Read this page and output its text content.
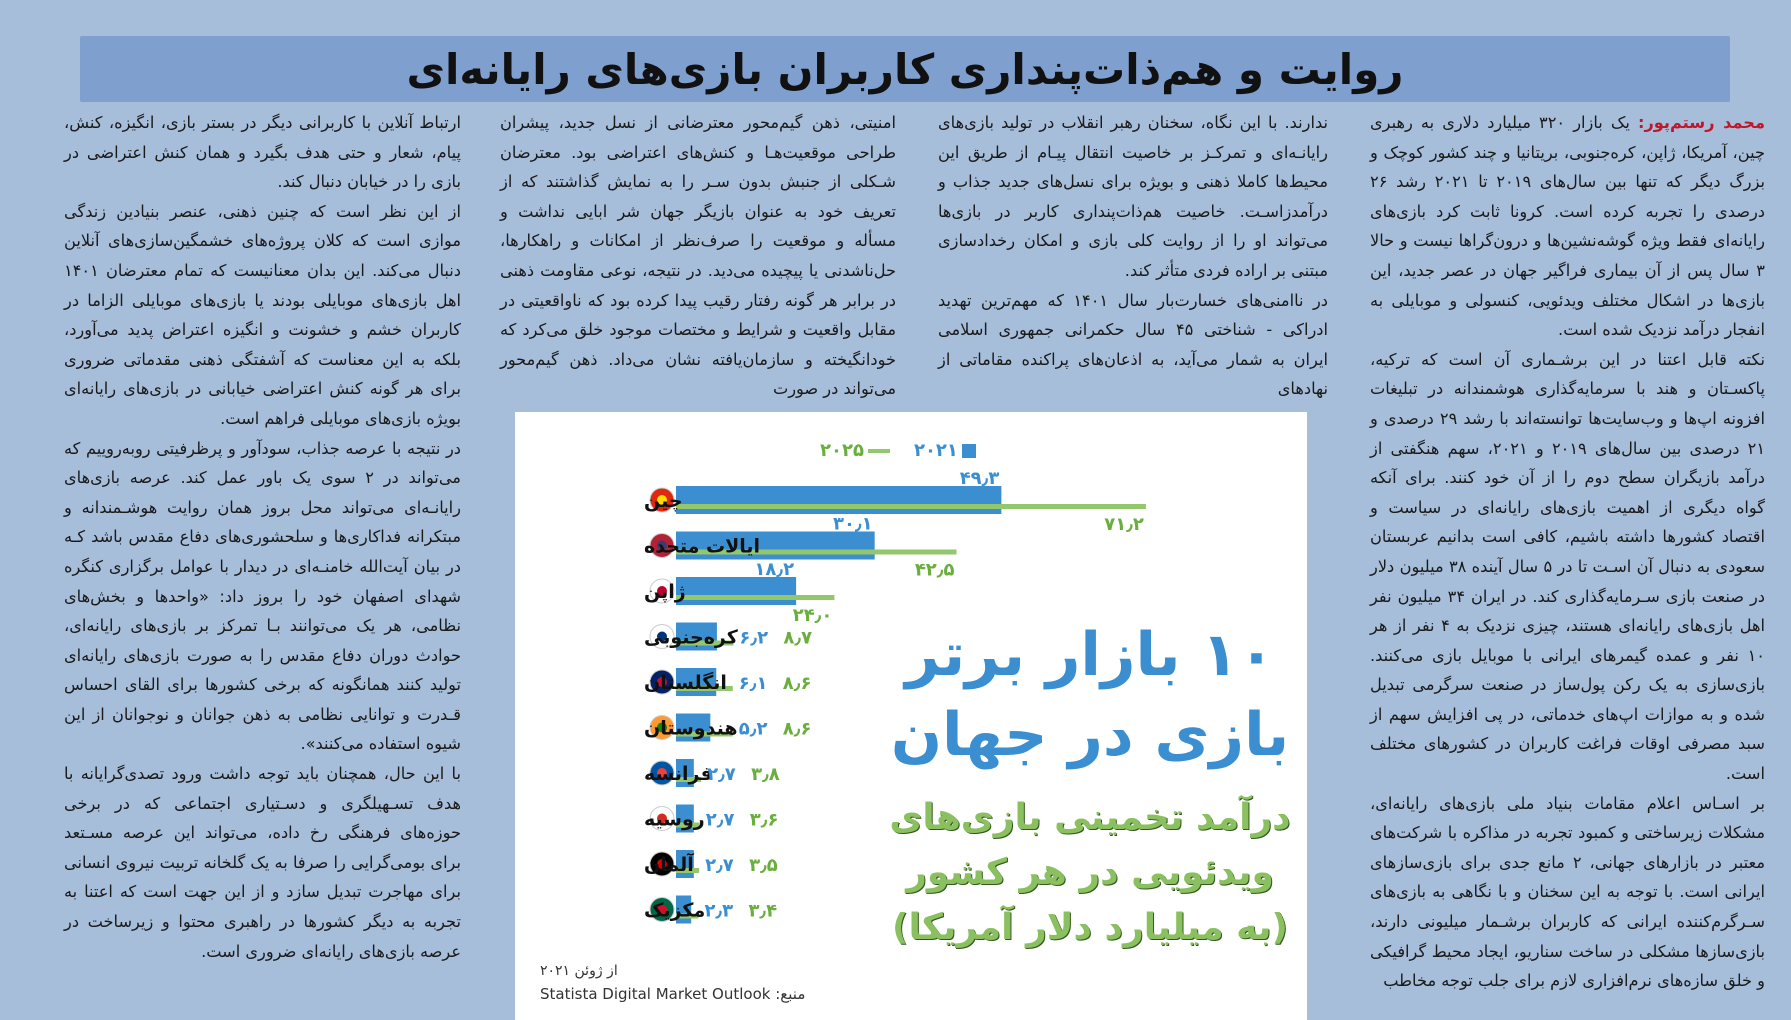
روایت و هم‌ذات‌پنداری کاربران بازی‌های رایانه‌ای

محمد رستم‌پور: یک بازار ۳۲۰ میلیارد دلاری به رهبری چین، آمریکا، ژاپن، کره‌جنوبی، بریتانیا و چند کشور کوچک و بزرگ دیگر که تنها بین سال‌های ۲۰۱۹ تا ۲۰۲۱ رشد ۲۶ درصدی را تجربه کرده است. کرونا ثابت کرد بازی‌های رایانه‌ای فقط ویژه گوشه‌نشین‌ها و درون‌گراها نیست و حالا ۳ سال پس از آن بیماری فراگیر جهان در عصر جدید، این بازی‌ها در اشکال مختلف ویدئویی، کنسولی و موبایلی به انفجار درآمد نزدیک شده است.

نکته قابل اعتنا در این برشـماری آن است که ترکیه، پاکسـتان و هند با سرمایه‌گذاری هوشمندانه در تبلیغات افزونه اپ‌ها و وب‌سایت‌ها توانسته‌اند با رشد ۲۹ درصدی و ۲۱ درصدی بین سال‌های ۲۰۱۹ و ۲۰۲۱، سهم هنگفتی از درآمد بازیگران سطح دوم را از آن خود کنند. برای آنکه گواه دیگری از اهمیت بازی‌های رایانه‌ای در سیاست و اقتصاد کشورها داشته باشیم، کافی است بدانیم عربستان سعودی به دنبال آن اسـت تا در ۵ سال آینده ۳۸ میلیون دلار در صنعت بازی سـرمایه‌گذاری کند. در ایران ۳۴ میلیون نفر اهل بازی‌های رایانه‌ای هستند، چیزی نزدیک به ۴ نفر از هر ۱۰ نفر و عمده گیمرهای ایرانی با موبایل بازی می‌کنند. بازی‌سازی به یک رکن پول‌ساز در صنعت سرگرمی تبدیل شده و به موازات اپ‌های خدماتی، در پی افزایش سهم از سبد مصرفی اوقات فراغت کاربران در کشورهای مختلف است.

بر اسـاس اعلام مقامات بنیاد ملی بازی‌های رایانه‌ای، مشکلات زیرساختی و کمبود تجربه در مذاکره با شرکت‌های معتبر در بازارهای جهانی، ۲ مانع جدی برای بازی‌سازهای ایرانی است. با توجه به این سخنان و با نگاهی به بازی‌های سـرگرم‌کننده ایرانی که کاربران برشـمار میلیونی دارند، بازی‌سازها مشکلی در ساخت سناریو، ایجاد محیط گرافیکی و خلق سازه‌های نرم‌افزاری لازم برای جلب توجه مخاطب

ندارند. با این نگاه، سخنان رهبر انقلاب در تولید بازی‌های رایانـه‌ای و تمرکـز بر خاصیت انتقال پیـام از طریق این محیط‌ها کاملا ذهنی و بویژه برای نسل‌های جدید جذاب و درآمدزاسـت. خاصیت هم‌ذات‌پنداری کاربر در بازی‌ها می‌تواند او را از روایت کلی بازی و امکان رخدادسازی مبتنی بر اراده فردی متأثر کند.

در ناامنی‌های خسارت‌بار سال ۱۴۰۱ که مهم‌ترین تهدید ادراکی - شناختی ۴۵ سال حکمرانی جمهوری اسلامی ایران به شمار می‌آید، به اذعان‌های پراکنده مقاماتی از نهادهای

امنیتی، ذهن گیم‌محور معترضانی از نسل جدید، پیشران طراحی موقعیت‌هـا و کنش‌های اعتراضی بود. معترضان شـکلی از جنبش بدون سـر را به نمایش گذاشتند که از تعریف خود به عنوان بازیگر جهان شر ابایی نداشت و مسأله و موقعیت را صرف‌نظر از امکانات و راهکارها، حل‌ناشدنی یا پیچیده می‌دید. در نتیجه، نوعی مقاومت ذهنی در برابر هر گونه رفتار رقیب پیدا کرده بود که ناواقعیتی در مقابل واقعیت و شرایط و مختصات موجود خلق می‌کرد که خودانگیخته و سازمان‌یافته نشان می‌داد. ذهن گیم‌محور می‌تواند در صورت

ارتباط آنلاین با کاربرانی دیگر در بستر بازی، انگیزه، کنش، پیام، شعار و حتی هدف بگیرد و همان کنش اعتراضی در بازی را در خیابان دنبال کند.

از این نظر است که چنین ذهنی، عنصر بنیادین زندگی موازی است که کلان پروژه‌های خشمگین‌سازی‌های آنلاین دنبال می‌کند. این بدان معنانیست که تمام معترضان ۱۴۰۱ اهل بازی‌های موبایلی بودند یا بازی‌های موبایلی الزاما در کاربران خشم و خشونت و انگیزه اعتراض پدید می‌آورد، بلکه به این معناست که آشفتگی ذهنی مقدماتی ضروری برای هر گونه کنش اعتراضی خیابانی در بازی‌های رایانه‌ای بویژه بازی‌های موبایلی فراهم است.

در نتیجه با عرصه جذاب، سودآور و پرظرفیتی روبه‌روییم که می‌تواند در ۲ سوی یک باور عمل کند. عرصه بازی‌های رایانـه‌ای می‌تواند محل بروز همان روایت هوشـمندانه و مبتکرانه فداکاری‌ها و سلحشوری‌های دفاع مقدس باشد کـه در بیان آیت‌الله خامنـه‌ای در دیدار با عوامل برگزاری کنگره شهدای اصفهان خود را بروز داد: «واحدها و بخش‌های نظامی، هر یک می‌توانند بـا تمرکز بر بازی‌های رایانه‌ای، حوادث دوران دفاع مقدس را به صورت بازی‌های رایانه‌ای تولید کنند همانگونه که برخی کشورها برای القای احساس قـدرت و توانایی نظامی به ذهن جوانان و نوجوانان از این شیوه استفاده می‌کنند».

با این حال، همچنان باید توجه داشت ورود تصدی‌گرایانه با هدف تسـهیلگری و دسـتیاری اجتماعی که در برخی حوزه‌های فرهنگی رخ داده، می‌تواند این عرصه مسـتعد برای بومی‌گرایی را صرفا به یک گلخانه تربیت نیروی انسانی برای مهاجرت تبدیل سازد و از این جهت است که اعتنا به تجربه به دیگر کشورها در راهبری محتوا و زیرساخت در عرصه بازی‌های رایانه‌ای ضروری است.

۲۰۲۱
۲۰۲۵
چین
۴۹٫۳
۷۱٫۲
ایالات متحده
۳۰٫۱
۴۲٫۵
ژاپن
۱۸٫۲
۲۴٫۰
کره‌جنوبی ۶٫۲ ۸٫۷
انگلستان ۶٫۱ ۸٫۶
هندوستان ۵٫۲ ۸٫۶
فرانسه
۲٫۷ ۳٫۸
روسیه ۲٫۷ ۳٫۶
آلمان ۲٫۷ ۳٫۵
مکزیک ۲٫۳ ۳٫۴
۱۰ بازار برتر
بازی در جهان
درآمد تخمینی بازی‌های
ویدئویی در هر کشور
(به میلیارد دلار آمریکا)
از ژوئن ۲۰۲۱
Statista Digital Market Outlook :منبع
